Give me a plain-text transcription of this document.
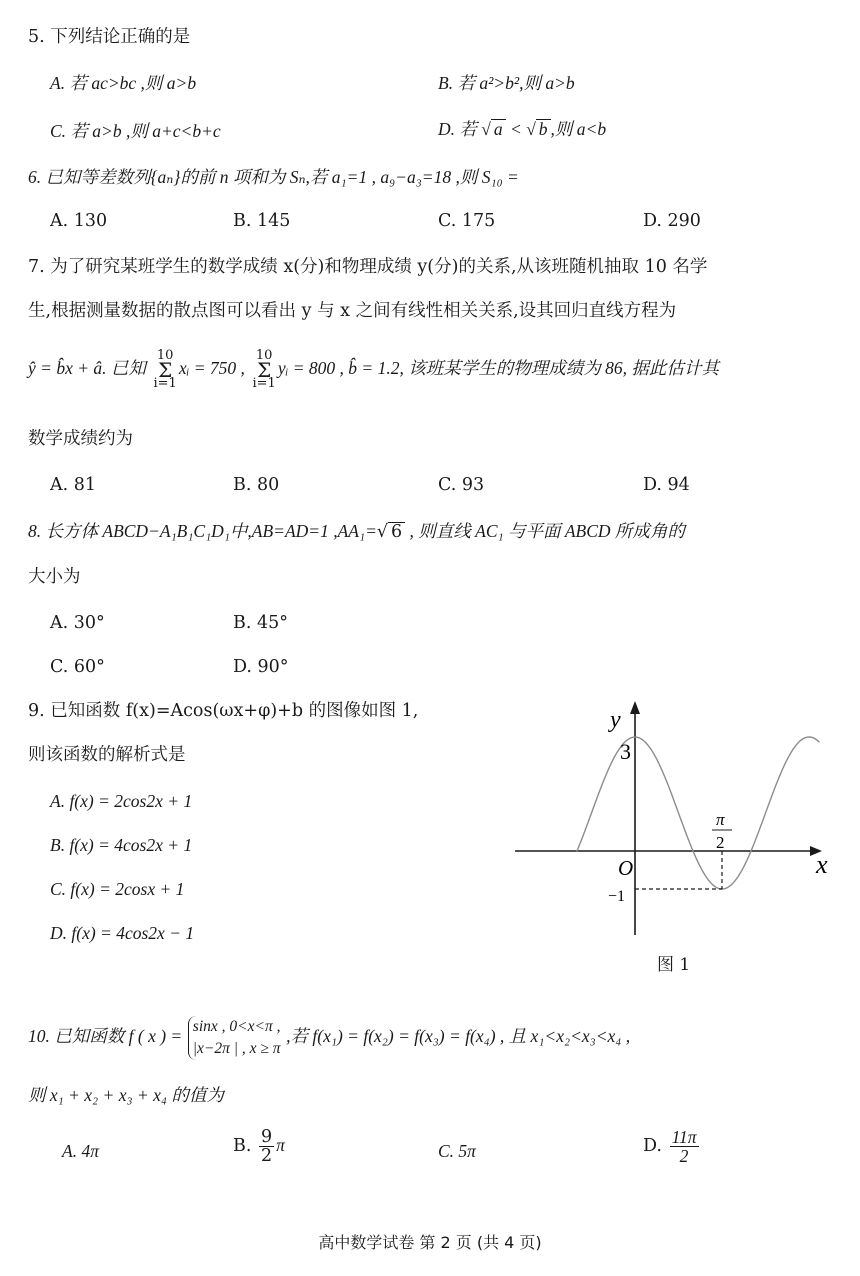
5. 下列结论正确的是
A. 若 ac>bc ,则 a>b	B. 若 a²>b²,则 a>b
C. 若 a>b ,则 a+c<b+c	D. 若 √ a < √ b ,则 a<b
6. 已知等差数列{aₙ}的前 n 项和为 Sₙ,若 a₁=1 , a₉−a₃=18 ,则 S₁₀ =
A. 130	B. 145	C. 175	D. 290
7. 为了研究某班学生的数学成绩 x(分)和物理成绩 y(分)的关系,从该班随机抽取 10 名学
生,根据测量数据的散点图可以看出 y 与 x 之间有线性相关关系,设其回归直线方程为
ŷ = b̂x + â. 已知 10
Σ
i=1xᵢ = 750 , 10
Σ
i=1yᵢ = 800 , b̂ = 1.2, 该班某学生的物理成绩为 86, 据此估计其
数学成绩约为
A. 81	B. 80	C. 93	D. 94
8. 长方体 ABCD−A₁B₁C₁D₁中,AB=AD=1 ,AA₁=√ 6 , 则直线 AC₁ 与平面 ABCD 所成角的
大小为
A. 30°	B. 45°
C. 60°	D. 90°
9. 已知函数 f(x)=Acos(ωx+φ)+b 的图像如图 1,
则该函数的解析式是
A. f(x) = 2cos2x + 1
B. f(x) = 4cos2x + 1
C. f(x) = 2cosx + 1
D. f(x) = 4cos2x − 1
y
x
O
3
−1
π
2
图 1
10. 已知函数 f ( x ) = sinx , 0<x<π ,
|x−2π | , x ≥ π
,若 f(x₁) = f(x₂) = f(x₃) = f(x₄) , 且 x₁<x₂<x₃<x₄ ,
则 x₁ + x₂ + x₃ + x₄ 的值为
A. 4π	B. $\frac{9}{2}$ π	C. 5π	D. $\frac{11\pi}{2}$
高中数学试卷 第 2 页 (共 4 页)
